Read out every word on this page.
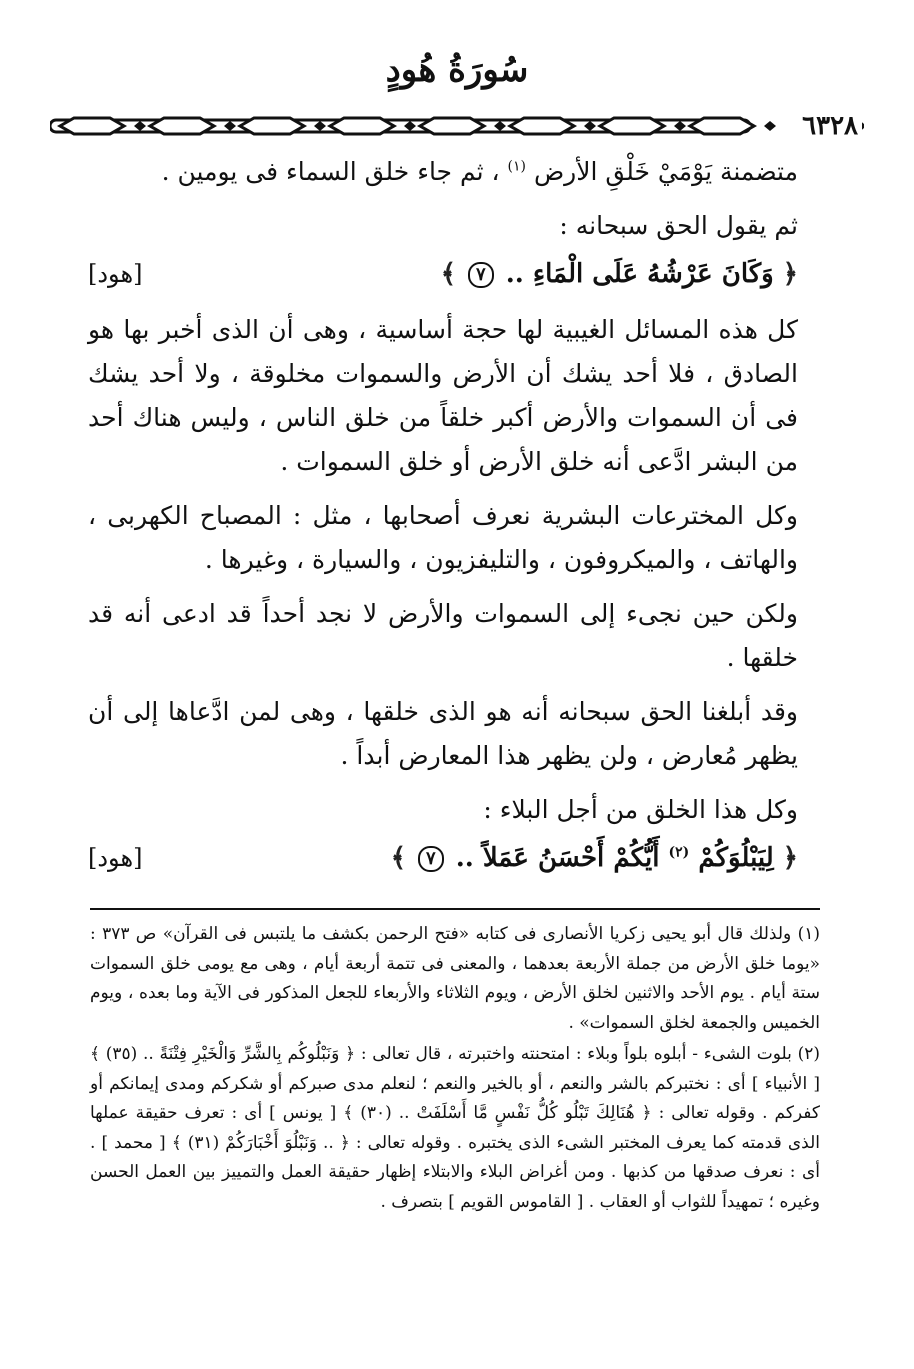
سُورَةُ هُودٍ
٦٣٢٨

متضمنة يَوْمَيْ خَلْقِ الأرض $^{(١)}$ ، ثم جاء خلق السماء فى يومين .

ثم يقول الحق سبحانه :

﴿ وَكَانَ عَرْشُهُ عَلَى الْمَاءِ .. ٧ ﴾
[هود]

كل هذه المسائل الغيبية لها حجة أساسية ، وهى أن الذى أخبر بها هو الصادق ، فلا أحد يشك أن الأرض والسموات مخلوقة ، ولا أحد يشك فى أن السموات والأرض أكبر خلقاً من خلق الناس ، وليس هناك أحد من البشر ادَّعى أنه خلق الأرض أو خلق السموات .

وكل المخترعات البشرية نعرف أصحابها ، مثل : المصباح الكهربى ، والهاتف ، والميكروفون ، والتليفزيون ، والسيارة ، وغيرها .

ولكن حين نجىء إلى السموات والأرض لا نجد أحداً قد ادعى أنه قد خلقها .

وقد أبلغنا الحق سبحانه أنه هو الذى خلقها ، وهى لمن ادَّعاها إلى أن يظهر مُعارض ، ولن يظهر هذا المعارض أبداً .

وكل هذا الخلق من أجل البلاء :

﴿ لِيَبْلُوَكُمْ $^{(٢)}$ أَيُّكُمْ أَحْسَنُ عَمَلاً .. ٧ ﴾
[هود]

(١) ولذلك قال أبو يحيى زكريا الأنصارى فى كتابه «فتح الرحمن بكشف ما يلتبس فى القرآن» ص ٣٧٣ : «يوما خلق الأرض من جملة الأربعة بعدهما ، والمعنى فى تتمة أربعة أيام ، وهى مع يومى خلق السموات ستة أيام . يوم الأحد والاثنين لخلق الأرض ، ويوم الثلاثاء والأربعاء للجعل المذكور فى الآية وما بعده ، ويوم الخميس والجمعة لخلق السموات» .

(٢) بلوت الشىء - أبلوه بلواً وبلاء : امتحنته واختبرته ، قال تعالى : ﴿ وَنَبْلُوكُم بِالشَّرِّ وَالْخَيْرِ فِتْنَةً .. (٣٥) ﴾ [ الأنبياء ] أى : نختبركم بالشر والنعم ، أو بالخير والنعم ؛ لنعلم مدى صبركم أو شكركم ومدى إيمانكم أو كفركم . وقوله تعالى : ﴿ هُنَالِكَ تَبْلُو كُلُّ نَفْسٍ مَّا أَسْلَفَتْ .. (٣٠) ﴾ [ يونس ] أى : تعرف حقيقة عملها الذى قدمته كما يعرف المختبر الشىء الذى يختبره . وقوله تعالى : ﴿ .. وَنَبْلُوَ أَخْبَارَكُمْ (٣١) ﴾ [ محمد ] . أى : نعرف صدقها من كذبها . ومن أغراض البلاء والابتلاء إظهار حقيقة العمل والتمييز بين العمل الحسن وغيره ؛ تمهيداً للثواب أو العقاب . [ القاموس القويم ] بتصرف .
